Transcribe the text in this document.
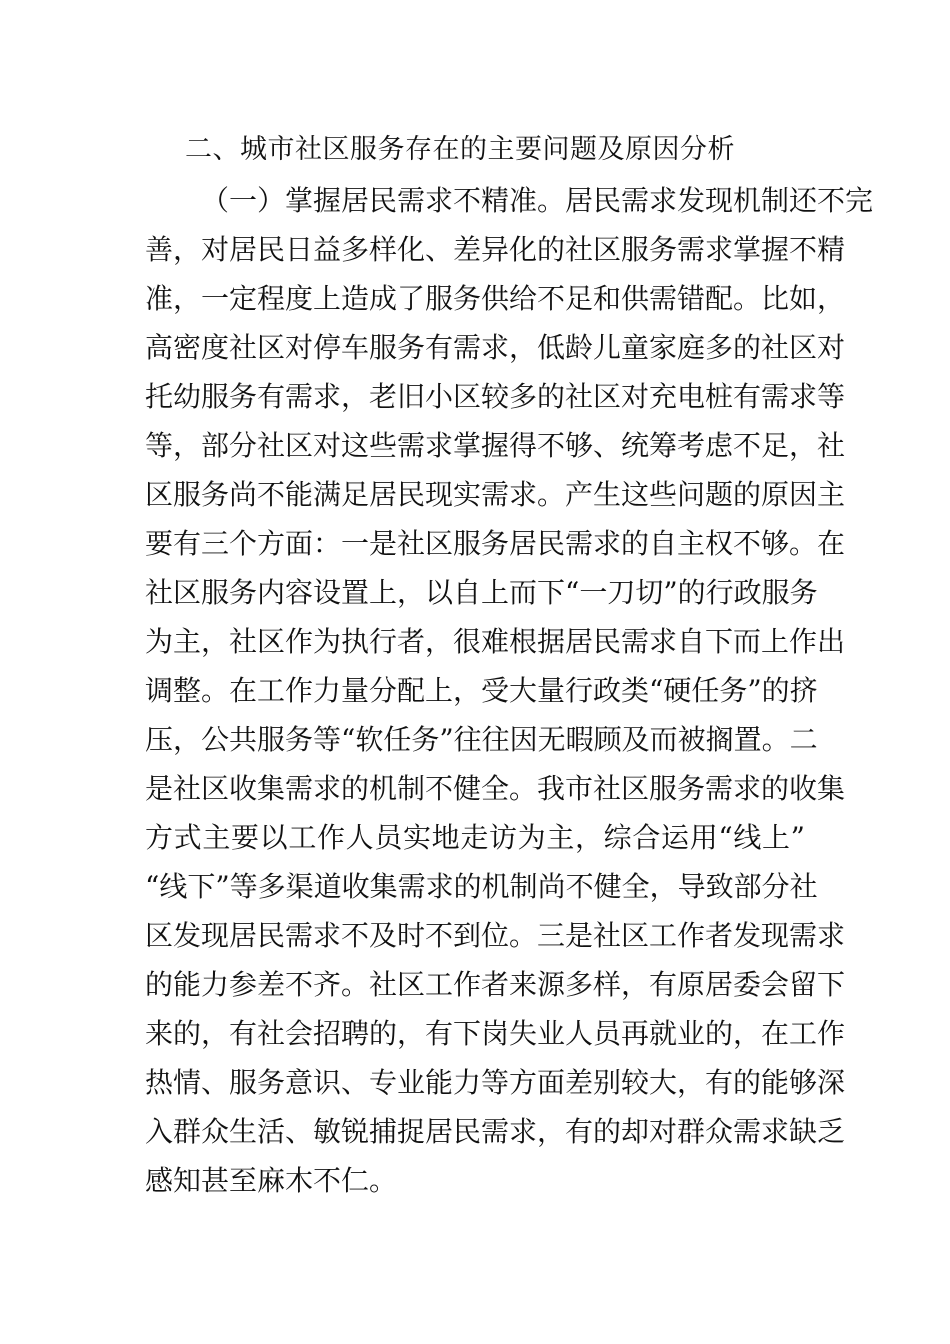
二、城市社区服务存在的主要问题及原因分析
（一）掌握居民需求不精准。居民需求发现机制还不完
善，对居民日益多样化、差异化的社区服务需求掌握不精
准，一定程度上造成了服务供给不足和供需错配。比如，
高密度社区对停车服务有需求，低龄儿童家庭多的社区对
托幼服务有需求，老旧小区较多的社区对充电桩有需求等
等，部分社区对这些需求掌握得不够、统筹考虑不足，社
区服务尚不能满足居民现实需求。产生这些问题的原因主
要有三个方面：一是社区服务居民需求的自主权不够。在
社区服务内容设置上，以自上而下“一刀切”的行政服务
为主，社区作为执行者，很难根据居民需求自下而上作出
调整。在工作力量分配上，受大量行政类“硬任务”的挤
压，公共服务等“软任务”往往因无暇顾及而被搁置。二
是社区收集需求的机制不健全。我市社区服务需求的收集
方式主要以工作人员实地走访为主，综合运用“线上”
“线下”等多渠道收集需求的机制尚不健全，导致部分社
区发现居民需求不及时不到位。三是社区工作者发现需求
的能力参差不齐。社区工作者来源多样，有原居委会留下
来的，有社会招聘的，有下岗失业人员再就业的，在工作
热情、服务意识、专业能力等方面差别较大，有的能够深
入群众生活、敏锐捕捉居民需求，有的却对群众需求缺乏
感知甚至麻木不仁。
